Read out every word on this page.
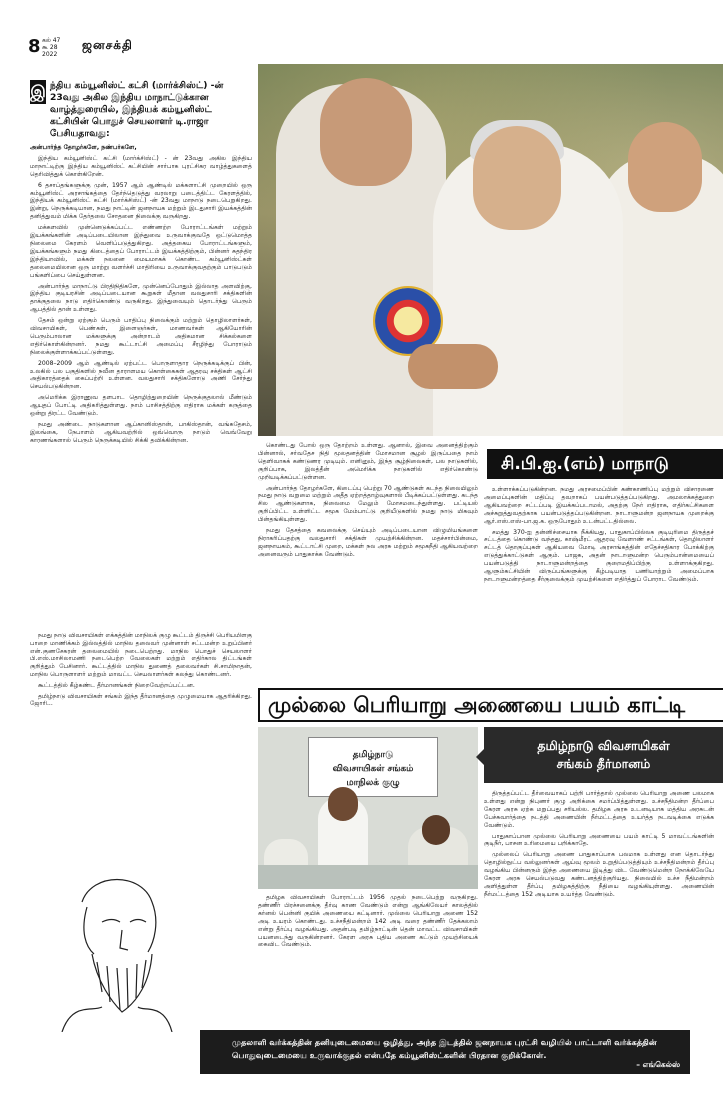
8 கல் 47
கூ 28
2022
ஜனசக்தி
இ ந்திய கம்யூனிஸ்ட் கட்சி (மார்க்சிஸ்ட்) -ன் 23வது அகில இந்திய மாநாட்டுக்கான வாழ்த்துரையில், இந்தியக் கம்யூனிஸ்ட் கட்சியின் பொதுச் செயலாளர் டி.ராஜா பேசியதாவது:

அன்பார்ந்த தோழர்களே, நண்பர்களே,

இந்திய கம்யூனிஸ்ட் கட்சி (மார்க்சிஸ்ட்) - ன் 23வது அகில இந்திய மாநாட்டிற்கு இந்திய கம்யூனிஸ்ட் கட்சியின் சார்பாக புரட்சிகர வாழ்த்துகளைத் தெரிவித்துக் கொள்கிறேன்.

6 தசாப்தங்களுக்கு முன், 1957 ஆம் ஆண்டில் மக்களாட்சி முறையில் ஒரு கம்யூனிஸ்ட் அரசாங்கத்தை தேர்ந்தெடுத்து வரலாறு படைத்திட்ட கேரளத்தில், இந்தியக் கம்யூனிஸ்ட் கட்சி (மார்க்சிஸ்ட்) -ன் 23வது மாநாடு நடைபெறுகிறது. இன்று, நெருக்கடியான, நமது நாட்டின் ஜனநாயக மற்றும் இடதுசாரி இயக்கத்தின் தனித்துவம் மிக்க தேர்தலை சோதனை நிலைக்கு வருகிறது.

மக்களவில் முன்னெடுக்கப்பட்ட எண்ணற்ற போராட்டங்கள் மற்றும் இயக்கங்களின் அடிப்படையிலான இந்துவை உருவாக்குவதே ஒட்டுமொத்த நிலைமை கேரளம் வெளிப்படுத்துகிறது. அத்தகைய போராட்டங்களும், இயக்கங்களும் நமது கிடைத்தைப் போராட்டம் இயக்கத்திற்கும், பின்னர் சுதந்திர இந்தியாவில், மக்கள் நலனை மையமாகக் கொண்ட கம்யூனிஸ்ட்கள் தலைமையிலான ஒரு மாற்று வளர்ச்சி மாதிரியை உருவாக்குவதற்கும் பாடுபடும் பங்களிப்பை செய்துள்ளன.

அன்பார்ந்த மாநாட்டு பிரதிநிதிகளே, முன்னெப்போதும் இல்லாத அளவிற்கு, இந்திய குடியரசின் அடிப்படையான கூறுகள் மீதான வலதுசாரி சக்திகளின் தாக்குதலை நாடு எதிர்கொண்டு வருகிறது. இந்துவையும் தொடர்ந்து பெரும் ஆபத்தில் தான் உள்ளது.

தேசம் ஒன்று ஏற்கும் பெரும் பாதிப்பு நிலைக்கும் மற்றும் தொழிலாளர்கள், விவசாயிகள், பெண்கள், இளைஞர்கள், மாணவர்கள் ஆகியோரின் பெரும்பாலான மக்களுக்கு அன்றாடம் அதிகமான சிக்கல்களை எதிர்கொள்கின்றனர். நமது கூட்டாட்சி அமைப்பு சீரழிந்து போராடும் நிலைக்குள்ளாக்கப்பட்டுள்ளது.

2008–2009 ஆம் ஆண்டில் ஏற்பட்ட பொருளாதார நெருக்கடிக்குப் பின், உலகில் பல பகுதிகளில் நவீன தாராளமய கொள்கைகள் ஆதரவு சக்திகள் ஆட்சி அதிகாரத்தைக் கைப்பற்றி உள்ளன. வலதுசாரி சக்திகளோடு அணி சேர்ந்து செயல்படுகின்றன.

அமெரிக்க இராணுவ தளபாட தொழிற்துறையின் நெருக்குதலால் மீண்டும் ஆயுதப் போட்டி அதிகரித்துள்ளது. நாம் பாசிசத்திற்கு எதிராக மக்கள் கருத்தை ஒன்று திரட்ட வேண்டும்.

நமது அண்டை நாடுகளான ஆப்கானிஸ்தான், பாகிஸ்தான், வங்கதேசம், இலங்கை, நேபாளம் ஆகியவற்றில் ஒவ்வொரு நாடும் வெவ்வேறு காரணங்களால் பெரும் நெருக்கடியில் சிக்கி தவிக்கின்றன.

சி.பி.ஐ.(எம்) மாநாடு

கொண்டது போல் ஒரு தோற்றம் உள்ளது. ஆனால், இவை அனைத்திற்கும் பின்னால், சர்வதேச நிதி மூலதனத்தின் மோசமான சூழல் இருப்பதை நாம் தெளிவாகக் கண்டுணர முடியும். எனினும், இந்த சூழ்நிலைகள், பல நாடுகளில், குறிப்பாக, இலத்தீன் அமெரிக்க நாடுகளில் எதிர்கொண்டு முறியடிக்கப்பட்டுள்ளன.

அன்பார்ந்த தோழர்களே, கிடைப்பு பெற்று 70 ஆண்டுகள் கடந்த நிலையிலும் நமது நாடு வறுமை மற்றும் அதீத ஏற்றத்தாழ்வுகளால் பீடிக்கப்பட்டுள்ளது. கடந்த சில ஆண்டுகளாக, நிலைமை மேலும் மோசமடைந்துள்ளது. பட்டியல் குறிப்பிட்ட உள்ளிட்ட சமூக மேம்பாட்டு குறியீடுகளில் நமது நாடு மிகவும் பின்தங்கியுள்ளது.

நமது தேசத்தை கவலைக்கு செய்யும் அடிப்படையான விழுமியங்களை நிராகரிப்பதற்கு வலதுசாரி சக்திகள் முயற்சிக்கின்றன. மதச்சார்பின்மை, ஜனநாயகம், கூட்டாட்சி முறை, மக்கள் நல அரசு மற்றும் சமூகநீதி ஆகியவற்றை அனைவரும் பாதுகாக்க வேண்டும்.

உள்ளாக்கப்படுகின்றன. நமது அரசமைப்பின் கண்காணிப்பு மற்றும் விசாரணை அமைப்புகளின் மதிப்பு தவறாகப் பயன்படுத்தப்படுகிறது. அமலாக்கத்துறை ஆகியவற்றை சட்டப்படி இயக்கப்படாமல், அதற்கு நேர் எதிராக, எதிர்கட்சிகளை அச்சுறுத்துவதற்காக பயன்படுத்தப்படுகின்றன. நாடாளுமன்ற ஜனநாயக முறைக்கு ஆர்.எஸ்.எஸ்-பா.ஜ.க. ஒருபோதும் உடன்பட்டதில்லை.

சமத்து 370-ஐ தன்னிச்சையாக நீக்கியது, பாதுகாப்பில்லக குடியுரிமை திருத்தச் சட்டத்தை கொண்டு வந்தது, காஷ்மீரட் ஆதரவு வேளாண் சட்டங்கள், தொழிலாளர் சட்டத் தொகுப்புகள் ஆகியவை மோடி அரசாங்கத்தின் எதேச்சதிகார போக்கிற்கு எடுத்துக்காட்டுகள் ஆகும். பாஜக, அதன் நாடாளுமன்ற பெரும்பான்மையைப் பயன்படுத்தி நாடாளுமன்றத்தை குறைமதிப்பிற்கு உள்ளாக்குகிறது. ஆளும்கட்சியின் விருப்பங்களுக்கு கீழ்படியாத பணியாற்றும் அமைப்பாக நாடாளுமன்றத்தை சீர்குலைக்கும் முயற்சிகளை எதிர்த்துப் போராட வேண்டும்.

நமது நாடு விவசாயிகள் எக்கத்தின் மாநிலக் குழு கூட்டம் திருச்சி பெரியமிளகு பாறை மாணிக்கம் இல்லத்தில் மாநில தலைவர் முன்னாள் சட்டமன்ற உறுப்பினர் என்.குணசேகரன் தலைமையில் நடைபெற்றது. மாநில பொதுச் செயலாளர் பி.எஸ்.மாசிலாமணி நடைபெற்ற வேலைகள் மற்றும் எதிர்கால திட்டங்கள் குறித்தும் பேசினார். கூட்டத்தில் மாநில துணைத் தலைவர்கள் சி.சாமிநாதன், மாநில பொருளாளர் மற்றும் மாவட்ட செயலாளர்கள் கலந்து கொண்டனர்.

கூட்டத்தில் கீழ்கண்ட தீர்மானங்கள் நிறைவேற்றப்பட்டன.

தமிழ்நாடு விவசாயிகள் சங்கம் இந்த தீர்மானத்தை முழுமையாக ஆதரிக்கிறது. ஜோரி...	முல்லை பெரியாறு அணையை பயம் காட்டி
தமிழ்நாடு
விவசாயிகள் சங்கம்
மாநிலக் குழு
தமிழ்நாடு விவசாயிகள்
சங்கம் தீர்மானம்

தமிழக விவசாயிகள் போராட்டம் 1956 முதல் நடைபெற்று வருகிறது. தண்ணீர் பிரச்சனைக்கு தீர்வு காண வேண்டும் என்று ஆங்கிலேயர் காலத்தில் கர்னல் பென்னி குயிக் அணையை கட்டினார். முல்லை பெரியாறு அணை 152 அடி உயரம் கொண்டது. உச்சநீதிமன்றம் 142 அடி வரை தண்ணீர் தேக்கலாம் என்று தீர்ப்பு வழங்கியது. அதன்படி தமிழ்நாட்டின் தென் மாவட்ட விவசாயிகள் பயனடைந்து வருகின்றனர். கேரள அரசு புதிய அணை கட்டும் முயற்சியைக் கைவிட வேண்டும்.

திருத்தப்பட்ட தீர்வையாகப் பற்றி பார்த்தால் முல்லை பெரியாறு அணை பலமாக உள்ளது என்று நிபுணர் குழு அறிக்கை சமர்ப்பித்துள்ளது. உச்சநீதிமன்ற தீர்ப்பை கேரள அரசு ஏற்க மறுப்பது சரியல்ல. தமிழக அரசு உடனடியாக மத்திய அரசுடன் பேச்சுவார்த்தை நடத்தி அணையின் நீர்மட்டத்தை உயர்த்த நடவடிக்கை எடுக்க வேண்டும்.

பாதுகாப்பான முல்லை பெரியாறு அணையை பயம் காட்டி 5 மாவட்டங்களின் குடிநீர், பாசன உரிமையை பறிக்காதே.

முல்லைப் பெரியாறு அணை பாதுகாப்பாக பலமாக உள்ளது என தொடர்ந்து தொழில்நுட்ப வல்லுனர்கள் ஆய்வு மூலம் உறுதிப்படுத்தியும் உச்சநீதிமன்றம் தீர்ப்பு வழங்கிய பின்னரும் இந்த அணையை இடித்து விட வேண்டுமென்ற நோக்கிலேயே கேரள அரசு செயல்படுவது கண்டனத்திற்குரியது. நிலையில் உச்ச நீதிமன்றம் அளித்துள்ள தீர்ப்பு தமிழகத்திற்கு நீதியை வழங்கியுள்ளது. அணையின் நீர்மட்டத்தை 152 அடியாக உயர்த்த வேண்டும்.

முதலாளி வர்க்கத்தின் தனியுடைமையை ஒழித்து, அந்த இடத்தில் ஜனநாயக புரட்சி வழியில் பாட்டாளி வர்க்கத்தின் பொதுவுடைமையை உருவாக்குதல் என்பதே கம்யூனிஸ்ட்களின் பிரதான குறிக்கோள்.
– எங்கெல்ஸ்
